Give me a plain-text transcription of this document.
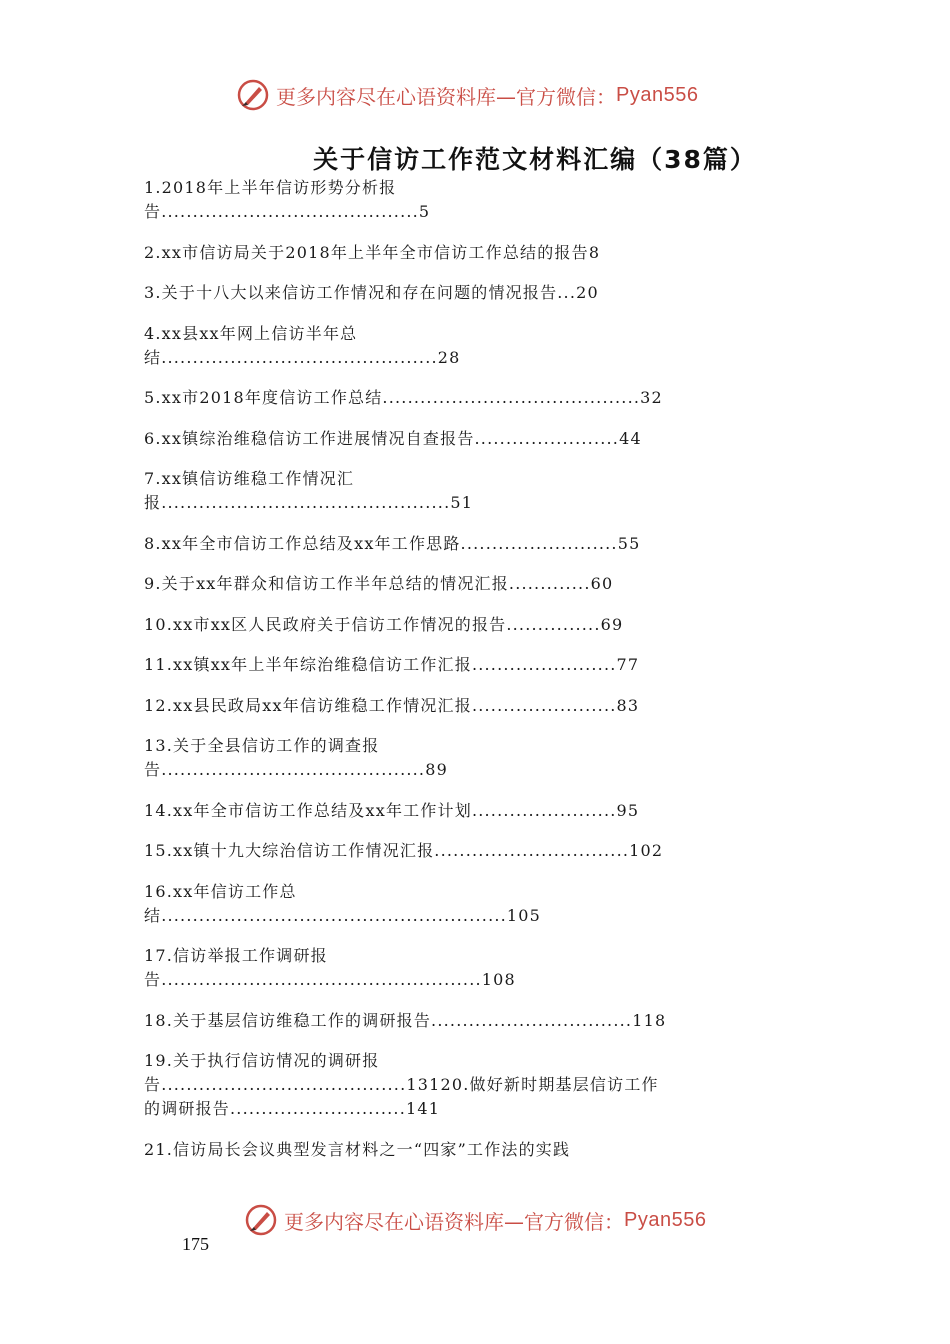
更多内容尽在心语资料库—官方微信： Pyan556
关于信访工作范文材料汇编（38篇）
1.2018年上半年信访形势分析报
告.........................................5
2.xx市信访局关于2018年上半年全市信访工作总结的报告8
3.关于十八大以来信访工作情况和存在问题的情况报告...20
4.xx县xx年网上信访半年总
结............................................28
5.xx市2018年度信访工作总结.........................................32
6.xx镇综治维稳信访工作进展情况自查报告.......................44
7.xx镇信访维稳工作情况汇
报..............................................51
8.xx年全市信访工作总结及xx年工作思路.........................55
9.关于xx年群众和信访工作半年总结的情况汇报.............60
10.xx市xx区人民政府关于信访工作情况的报告...............69
11.xx镇xx年上半年综治维稳信访工作汇报.......................77
12.xx县民政局xx年信访维稳工作情况汇报.......................83
13.关于全县信访工作的调查报
告..........................................89
14.xx年全市信访工作总结及xx年工作计划.......................95
15.xx镇十九大综治信访工作情况汇报...............................102
16.xx年信访工作总
结.......................................................105
17.信访举报工作调研报
告...................................................108
18.关于基层信访维稳工作的调研报告................................118
19.关于执行信访情况的调研报
告.......................................13120.做好新时期基层信访工作
的调研报告............................141
21.信访局长会议典型发言材料之一“四家”工作法的实践
更多内容尽在心语资料库—官方微信： Pyan556
175
